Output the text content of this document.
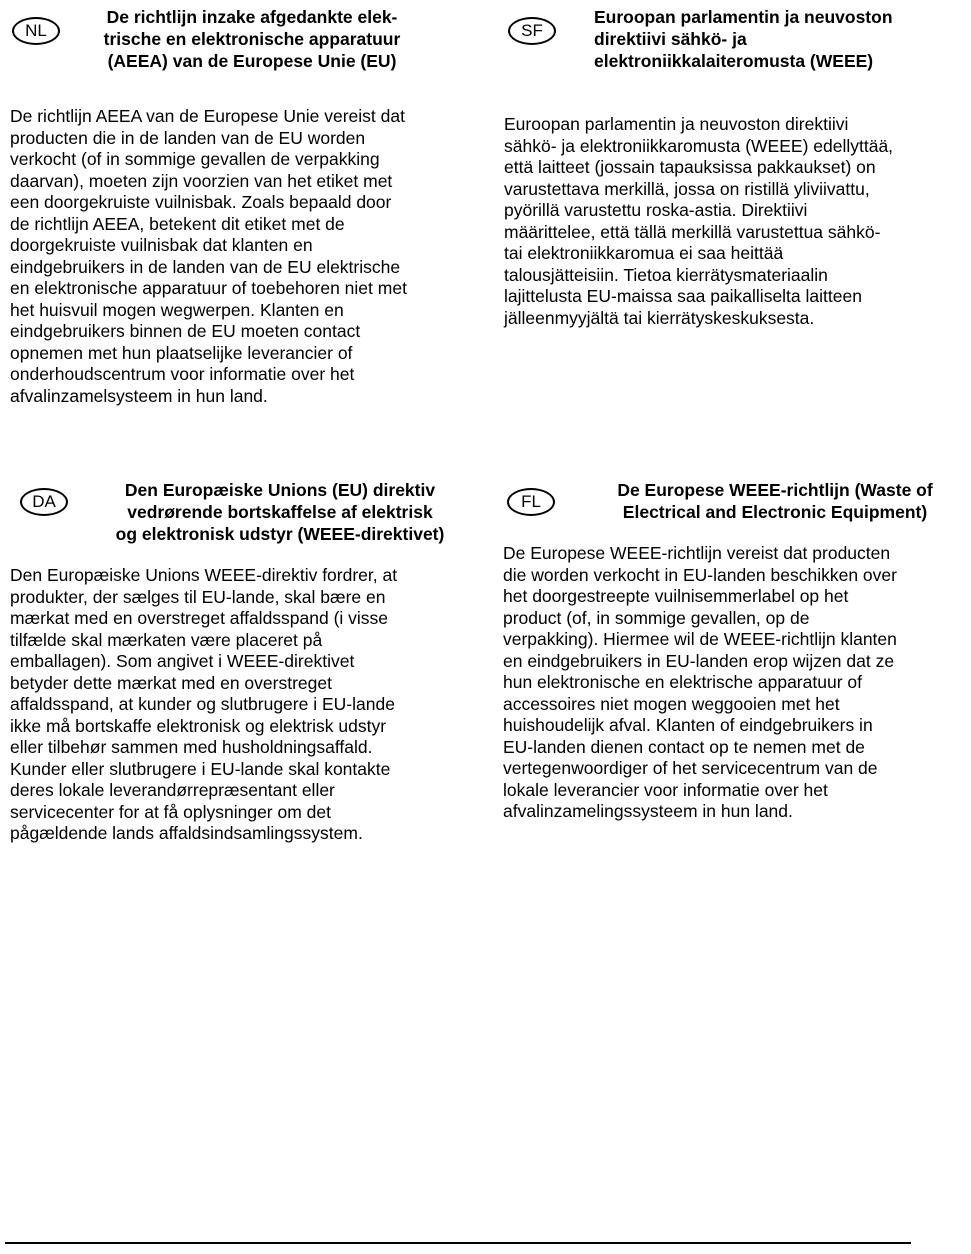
NL

De richtlijn inzake afgedankte elek-
trische en elektronische apparatuur
(AEEA) van de Europese Unie (EU)

De richtlijn AEEA van de Europese Unie vereist dat
producten die in de landen van de EU worden
verkocht (of in sommige gevallen de verpakking
daarvan), moeten zijn voorzien van het etiket met
een doorgekruiste vuilnisbak. Zoals bepaald door
de richtlijn AEEA, betekent dit etiket met de
doorgekruiste vuilnisbak dat klanten en
eindgebruikers in de landen van de EU elektrische
en elektronische apparatuur of toebehoren niet met
het huisvuil mogen wegwerpen. Klanten en
eindgebruikers binnen de EU moeten contact
opnemen met hun plaatselijke leverancier of
onderhoudscentrum voor informatie over het
afvalinzamelsysteem in hun land.

SF

Euroopan parlamentin ja neuvoston
direktiivi sähkö- ja
elektroniikkalaiteromusta (WEEE)

Euroopan parlamentin ja neuvoston direktiivi
sähkö- ja elektroniikkaromusta (WEEE) edellyttää,
että laitteet (jossain tapauksissa pakkaukset) on
varustettava merkillä, jossa on ristillä yliviivattu,
pyörillä varustettu roska-astia. Direktiivi
määrittelee, että tällä merkillä varustettua sähkö-
tai elektroniikkaromua ei saa heittää
talousjätteisiin. Tietoa kierrätysmateriaalin
lajittelusta EU-maissa saa paikalliselta laitteen
jälleenmyyjältä tai kierrätyskeskuksesta.

DA

Den Europæiske Unions (EU) direktiv
vedrørende bortskaffelse af elektrisk
og elektronisk udstyr (WEEE-direktivet)

Den Europæiske Unions WEEE-direktiv fordrer, at
produkter, der sælges til EU-lande, skal bære en
mærkat med en overstreget affaldsspand (i visse
tilfælde skal mærkaten være placeret på
emballagen). Som angivet i WEEE-direktivet
betyder dette mærkat med en overstreget
affaldsspand, at kunder og slutbrugere i EU-lande
ikke må bortskaffe elektronisk og elektrisk udstyr
eller tilbehør sammen med husholdningsaffald.
Kunder eller slutbrugere i EU-lande skal kontakte
deres lokale leverandørrepræsentant eller
servicecenter for at få oplysninger om det
pågældende lands affaldsindsamlingssystem.

FL

De Europese WEEE-richtlijn (Waste of
Electrical and Electronic Equipment)

De Europese WEEE-richtlijn vereist dat producten
die worden verkocht in EU-landen beschikken over
het doorgestreepte vuilnisemmerlabel op het
product (of, in sommige gevallen, op de
verpakking). Hiermee wil de WEEE-richtlijn klanten
en eindgebruikers in EU-landen erop wijzen dat ze
hun elektronische en elektrische apparatuur of
accessoires niet mogen weggooien met het
huishoudelijk afval. Klanten of eindgebruikers in
EU-landen dienen contact op te nemen met de
vertegenwoordiger of het servicecentrum van de
lokale leverancier voor informatie over het
afvalinzamelingssysteem in hun land.
